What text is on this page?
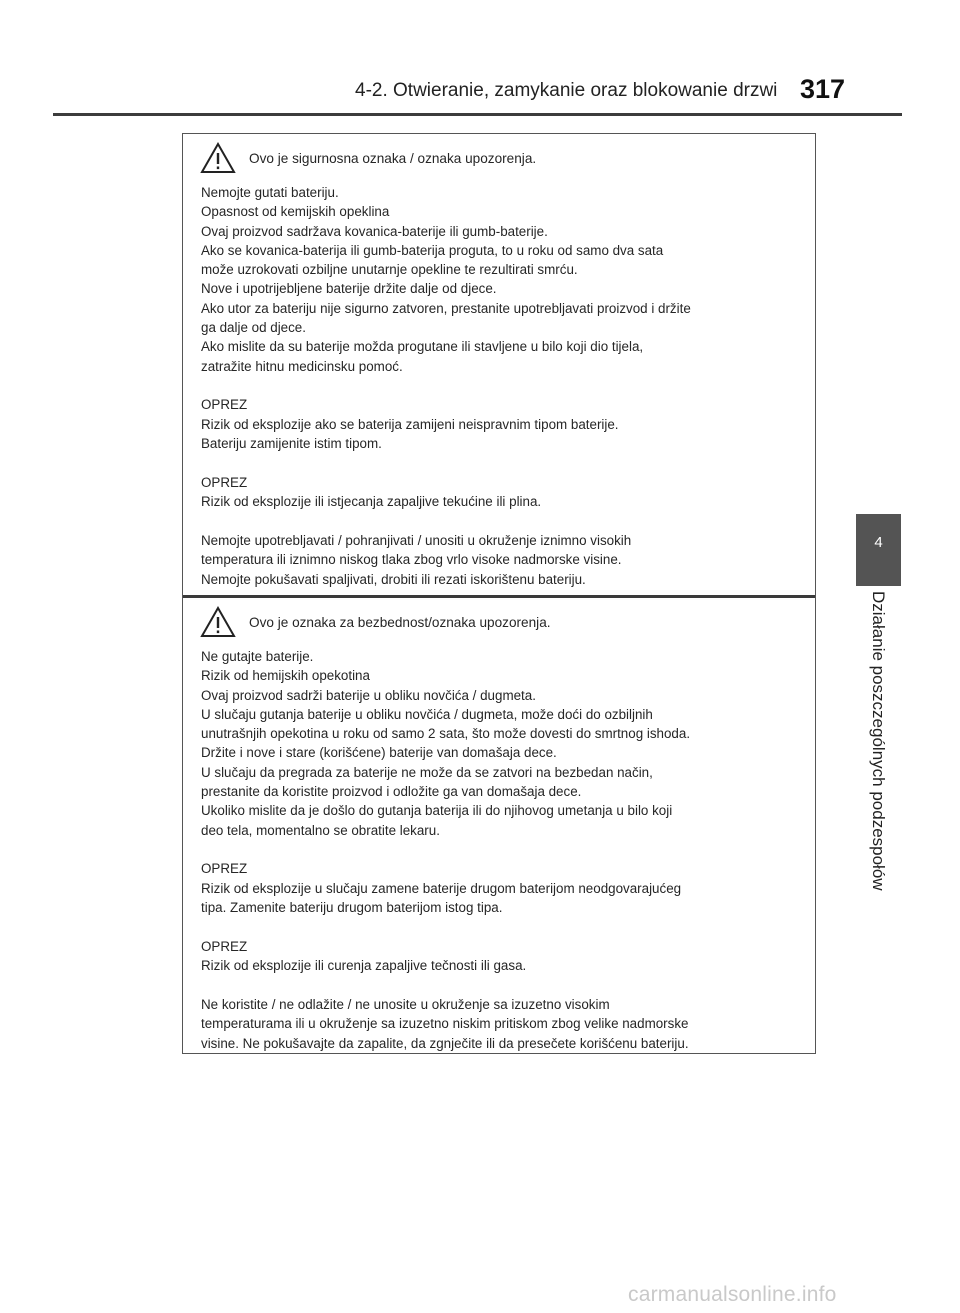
4-2. Otwieranie, zamykanie oraz blokowanie drzwi 317
4
Działanie poszczególnych podzespołów
Ovo je sigurnosna oznaka / oznaka upozorenja.

Nemojte gutati bateriju.

Opasnost od kemijskih opeklina

Ovaj proizvod sadržava kovanica-baterije ili gumb-baterije.

Ako se kovanica-baterija ili gumb-baterija proguta, to u roku od samo dva sata

može uzrokovati ozbiljne unutarnje opekline te rezultirati smrću.

Nove i upotrijebljene baterije držite dalje od djece.

Ako utor za bateriju nije sigurno zatvoren, prestanite upotrebljavati proizvod i držite

ga dalje od djece.

Ako mislite da su baterije možda progutane ili stavljene u bilo koji dio tijela,

zatražite hitnu medicinsku pomoć.

OPREZ

Rizik od eksplozije ako se baterija zamijeni neispravnim tipom baterije.

Bateriju zamijenite istim tipom.

OPREZ

Rizik od eksplozije ili istjecanja zapaljive tekućine ili plina.

Nemojte upotrebljavati / pohranjivati / unositi u okruženje iznimno visokih

temperatura ili iznimno niskog tlaka zbog vrlo visoke nadmorske visine.

Nemojte pokušavati spaljivati, drobiti ili rezati iskorištenu bateriju.

Ovo je oznaka za bezbednost/oznaka upozorenja.

Ne gutajte baterije.

Rizik od hemijskih opekotina

Ovaj proizvod sadrži baterije u obliku novčića / dugmeta.

U slučaju gutanja baterije u obliku novčića / dugmeta, može doći do ozbiljnih

unutrašnjih opekotina u roku od samo 2 sata, što može dovesti do smrtnog ishoda.

Držite i nove i stare (korišćene) baterije van domašaja dece.

U slučaju da pregrada za baterije ne može da se zatvori na bezbedan način,

prestanite da koristite proizvod i odložite ga van domašaja dece.

Ukoliko mislite da je došlo do gutanja baterija ili do njihovog umetanja u bilo koji

deo tela, momentalno se obratite lekaru.

OPREZ

Rizik od eksplozije u slučaju zamene baterije drugom baterijom neodgovarajućeg

tipa. Zamenite bateriju drugom baterijom istog tipa.

OPREZ

Rizik od eksplozije ili curenja zapaljive tečnosti ili gasa.

Ne koristite / ne odlažite / ne unosite u okruženje sa izuzetno visokim

temperaturama ili u okruženje sa izuzetno niskim pritiskom zbog velike nadmorske

visine. Ne pokušavajte da zapalite, da zgnječite ili da presečete korišćenu bateriju.

carmanualsonline.info
